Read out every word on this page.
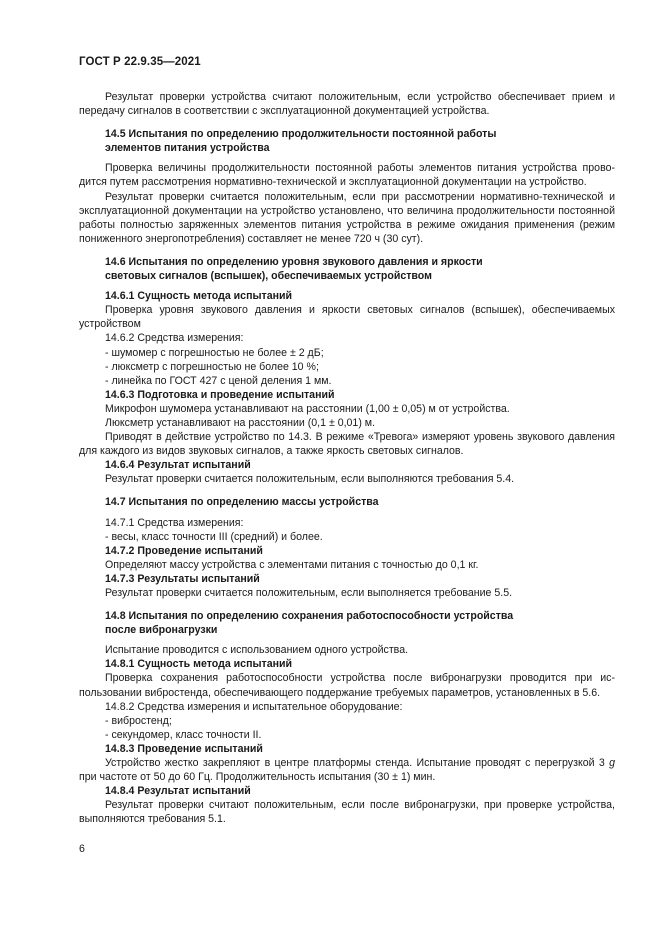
ГОСТ Р 22.9.35—2021

Результат проверки устройства считают положительным, если устройство обеспечивает прием и передачу сигналов в соответствии с эксплуатационной документацией устройства.

14.5 Испытания по определению продолжительности постоянной работы

элементов питания устройства

Проверка величины продолжительности постоянной работы элементов питания устройства проводится путем рассмотрения нормативно-технической и эксплуатационной документации на устройство.

Результат проверки считается положительным, если при рассмотрении нормативно-технической и эксплуатационной документации на устройство установлено, что величина продолжительности постоянной работы полностью заряженных элементов питания устройства в режиме ожидания применения (режим пониженного энергопотребления) составляет не менее 720 ч (30 сут).

14.6 Испытания по определению уровня звукового давления и яркости

световых сигналов (вспышек), обеспечиваемых устройством

14.6.1 Сущность метода испытаний

Проверка уровня звукового давления и яркости световых сигналов (вспышек), обеспечиваемых устройством

14.6.2 Средства измерения:

- шумомер с погрешностью не более ± 2 дБ;

- люксметр с погрешностью не более 10 %;

- линейка по ГОСТ 427 с ценой деления 1 мм.

14.6.3 Подготовка и проведение испытаний

Микрофон шумомера устанавливают на расстоянии (1,00 ± 0,05) м от устройства.

Люксметр устанавливают на расстоянии (0,1 ± 0,01) м.

Приводят в действие устройство по 14.3. В режиме «Тревога» измеряют уровень звукового давления для каждого из видов звуковых сигналов, а также яркость световых сигналов.

14.6.4 Результат испытаний

Результат проверки считается положительным, если выполняются требования 5.4.

14.7 Испытания по определению массы устройства

14.7.1 Средства измерения:

- весы, класс точности III (средний) и более.

14.7.2 Проведение испытаний

Определяют массу устройства с элементами питания с точностью до 0,1 кг.

14.7.3 Результаты испытаний

Результат проверки считается положительным, если выполняется требование 5.5.

14.8 Испытания по определению сохранения работоспособности устройства

после вибронагрузки

Испытание проводится с использованием одного устройства.

14.8.1 Сущность метода испытаний

Проверка сохранения работоспособности устройства после вибронагрузки проводится при использовании вибростенда, обеспечивающего поддержание требуемых параметров, установленных в 5.6.

14.8.2 Средства измерения и испытательное оборудование:

- вибростенд;

- секундомер, класс точности II.

14.8.3 Проведение испытаний

Устройство жестко закрепляют в центре платформы стенда. Испытание проводят с перегрузкой 3 g при частоте от 50 до 60 Гц. Продолжительность испытания (30 ± 1) мин.

14.8.4 Результат испытаний

Результат проверки считают положительным, если после вибронагрузки, при проверке устройства, выполняются требования 5.1.

6
